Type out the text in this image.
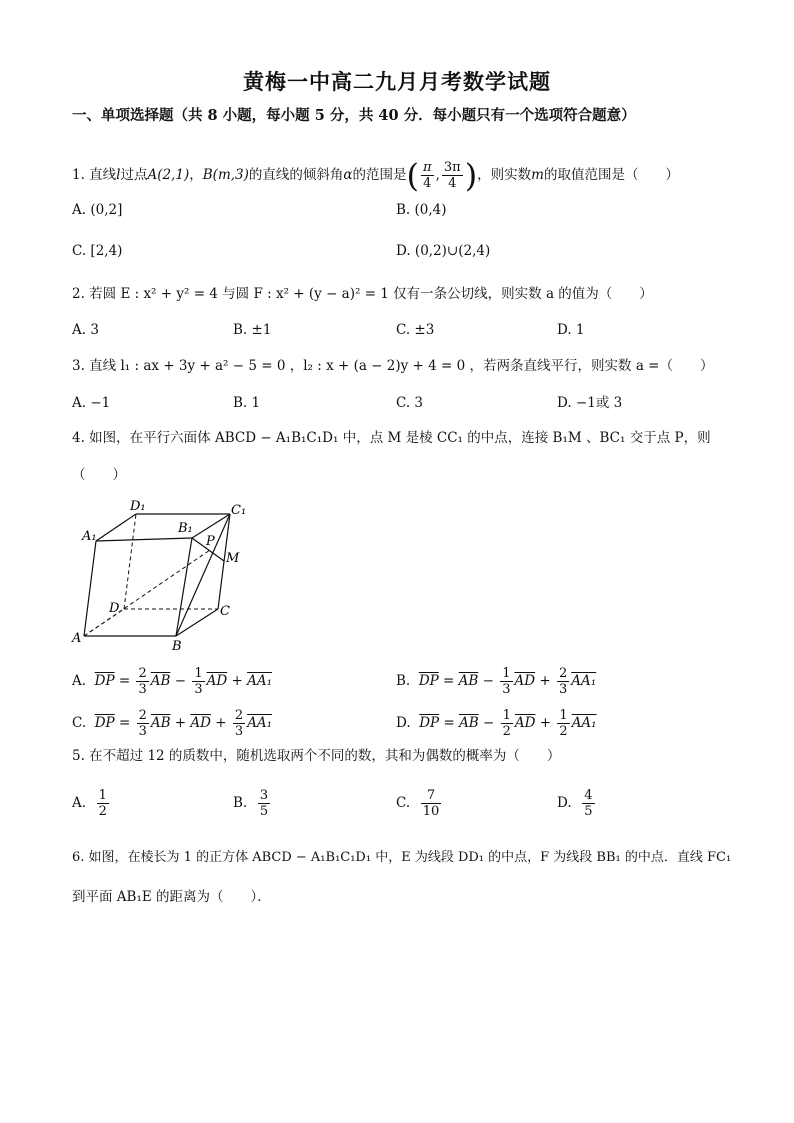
黄梅一中高二九月月考数学试题
一、单项选择题（共 8 小题，每小题 5 分，共 40 分．每小题只有一个选项符合题意）
1. 直线l过点A(2,1)，B(m,3)的直线的倾斜角α的范围是( $\frac{\pi}{4}$ , $\frac{3\pi}{4}$ )，则实数m的取值范围是（　　）
A. (0,2]	B. (0,4)
C. [2,4)	D. (0,2)∪(2,4)
2. 若圆 E : x² + y² = 4 与圆 F : x² + (y − a)² = 1 仅有一条公切线，则实数 a 的值为（　　）
A. 3	B. ±1	C. ±3	D. 1
3. 直线 l₁ : ax + 3y + a² − 5 = 0 ，l₂ : x + (a − 2)y + 4 = 0 ，若两条直线平行，则实数 a =（　　）
A. −1	B. 1	C. 3	D. −1或 3
4. 如图，在平行六面体 ABCD − A₁B₁C₁D₁ 中，点 M 是棱 CC₁ 的中点，连接 B₁M 、BC₁ 交于点 P，则
（　　）
D₁	C₁
A₁
B₁
P
M
D	C
A
B
A. $\overline{DP} = \frac{2}{3} \overline{AB} - \frac{1}{3} \overline{AD} + AA_1$	B. $\overline{DP} = \overline{AB} - \frac{1}{3} \overline{AD} + \frac{2}{3} AA_1$
C. $\overline{DP} = \frac{2}{3} \overline{AB} + \overline{AD} + \frac{2}{3} AA_1$	D. $\overline{DP} = \overline{AB} - \frac{1}{2} \overline{AD} + \frac{1}{2} AA_1$
5. 在不超过 12 的质数中，随机选取两个不同的数，其和为偶数的概率为（　　）
A. $\frac{1}{2}$	B. $\frac{3}{5}$	C. $\frac{7}{10}$	D. $\frac{4}{5}$
6. 如图，在棱长为 1 的正方体 ABCD − A₁B₁C₁D₁ 中，E 为线段 DD₁ 的中点，F 为线段 BB₁ 的中点．直线 FC₁
到平面 AB₁E 的距离为（　　）．
